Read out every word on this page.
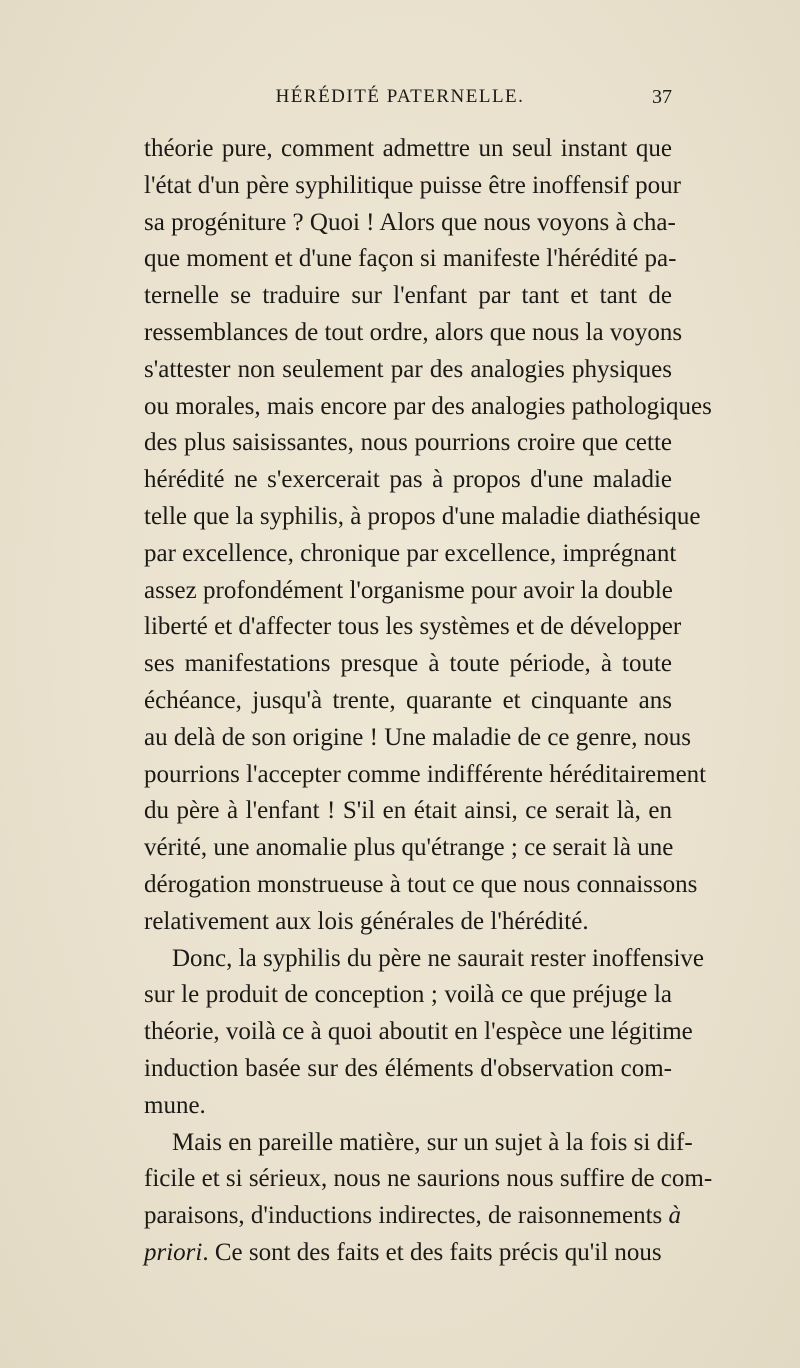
HÉRÉDITÉ PATERNELLE.	37
théorie pure, comment admettre un seul instant que
l'état d'un père syphilitique puisse être inoffensif pour
sa progéniture ? Quoi ! Alors que nous voyons à cha-
que moment et d'une façon si manifeste l'hérédité pa-
ternelle se traduire sur l'enfant par tant et tant de
ressemblances de tout ordre, alors que nous la voyons
s'attester non seulement par des analogies physiques
ou morales, mais encore par des analogies pathologiques
des plus saisissantes, nous pourrions croire que cette
hérédité ne s'exercerait pas à propos d'une maladie
telle que la syphilis, à propos d'une maladie diathésique
par excellence, chronique par excellence, imprégnant
assez profondément l'organisme pour avoir la double
liberté et d'affecter tous les systèmes et de développer
ses manifestations presque à toute période, à toute
échéance, jusqu'à trente, quarante et cinquante ans
au delà de son origine ! Une maladie de ce genre, nous
pourrions l'accepter comme indifférente héréditairement
du père à l'enfant ! S'il en était ainsi, ce serait là, en
vérité, une anomalie plus qu'étrange ; ce serait là une
dérogation monstrueuse à tout ce que nous connaissons
relativement aux lois générales de l'hérédité.
Donc, la syphilis du père ne saurait rester inoffensive
sur le produit de conception ; voilà ce que préjuge la
théorie, voilà ce à quoi aboutit en l'espèce une légitime
induction basée sur des éléments d'observation com-
mune.
Mais en pareille matière, sur un sujet à la fois si dif-
ficile et si sérieux, nous ne saurions nous suffire de com-
paraisons, d'inductions indirectes, de raisonnements à
priori. Ce sont des faits et des faits précis qu'il nous
